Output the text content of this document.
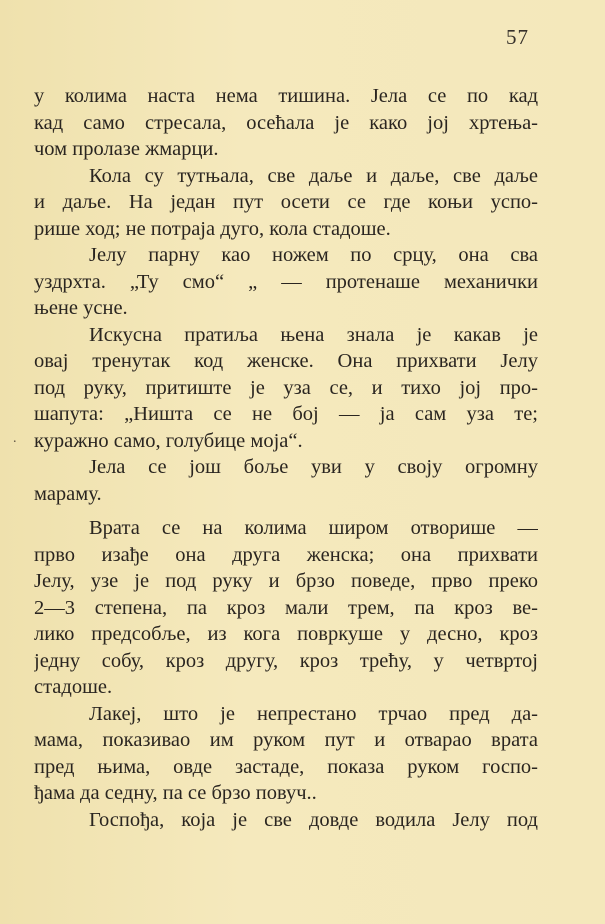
57
.
у колима наста нема тишина. Јела се по кад
кад само стресала, осећала је како јој хртења-
чом пролазе жмарци.
Кола су тутњала, све даље и даље, све даље
и даље. На један пут осети се где коњи успо-
рише ход; не потраја дуго, кола стадоше.
Јелу парну као ножем по срцу, она сва
уздрхта. „Ту смо“ „ — протенаше механички
њене усне.
Искусна пратиља њена знала је какав је
овај тренутак код женске. Она прихвати Јелу
под руку, притиште је уза се, и тихо јој про-
шапута: „Ништа се не бој — ја сам уза те;
куражно само, голубице моја“.
Јела се још боље уви у своју огромну
мараму.
Врата се на колима широм отворише —
прво изађе она друга женска; она прихвати
Јелу, узе је под руку и брзо поведе, прво преко
2—3 степена, па кроз мали трем, па кроз ве-
лико предсобље, из кога повркуше у десно, кроз
једну собу, кроз другу, кроз трећу, у четвртој
стадоше.
Лакеј, што је непрестано трчао пред да-
мама, показивао им руком пут и отварао врата
пред њима, овде застаде, показа руком госпо-
ђама да седну, па се брзо повуч..
Госпођа, која је све довде водила Јелу под
